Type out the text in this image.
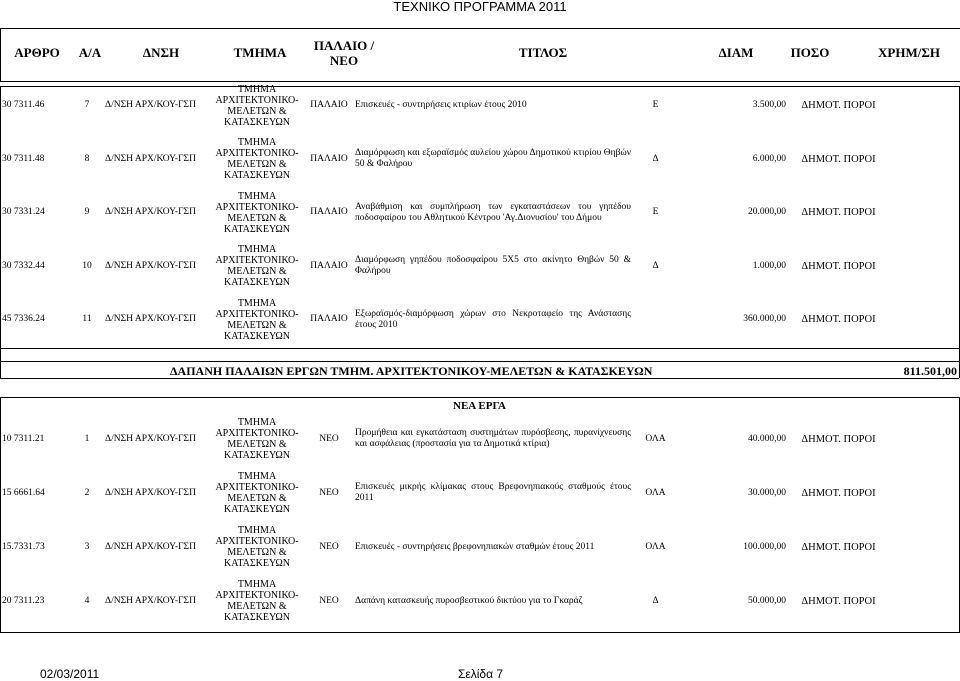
ΤΕΧΝΙΚΟ ΠΡΟΓΡΑΜΜΑ 2011
ΑΡΘΡΟ	Α/Α	ΔΝΣΗ	ΤΜΗΜΑ	ΠΑΛΑΙΟ /
ΝΕΟ
ΤΙΤΛΟΣ	ΔΙΑΜ	ΠΟΣΟ	ΧΡΗΜ/ΣΗ
30 7311.46	7	Δ/ΝΣΗ ΑΡΧ/ΚΟΥ-ΓΣΠ	ΤΜΗΜΑ
ΑΡΧΙΤΕΚΤΟΝΙΚΟ-
ΜΕΛΕΤΩΝ &
ΚΑΤΑΣΚΕΥΩΝ	ΠΑΛΑΙΟ	Επισκευές - συντηρήσεις κτιρίων έτους 2010	Ε	3.500,00	ΔΗΜΟΤ. ΠΟΡΟΙ
30 7311.48	8	Δ/ΝΣΗ ΑΡΧ/ΚΟΥ-ΓΣΠ	ΤΜΗΜΑ
ΑΡΧΙΤΕΚΤΟΝΙΚΟ-
ΜΕΛΕΤΩΝ &
ΚΑΤΑΣΚΕΥΩΝ	ΠΑΛΑΙΟ	Διαμόρφωση και εξωραϊσμός αυλείου χώρου Δημοτικού κτιρίου Θηβών 50 & Φαλήρου	Δ	6.000,00	ΔΗΜΟΤ. ΠΟΡΟΙ
30 7331.24	9	Δ/ΝΣΗ ΑΡΧ/ΚΟΥ-ΓΣΠ	ΤΜΗΜΑ
ΑΡΧΙΤΕΚΤΟΝΙΚΟ-
ΜΕΛΕΤΩΝ &
ΚΑΤΑΣΚΕΥΩΝ	ΠΑΛΑΙΟ	Αναβάθμιση και συμπλήρωση των εγκαταστάσεων του γηπέδου ποδοσφαίρου του Αθλητικού Κέντρου 'Αγ.Διονυσίου' του Δήμου	Ε	20.000,00	ΔΗΜΟΤ. ΠΟΡΟΙ
30 7332.44	10	Δ/ΝΣΗ ΑΡΧ/ΚΟΥ-ΓΣΠ	ΤΜΗΜΑ
ΑΡΧΙΤΕΚΤΟΝΙΚΟ-
ΜΕΛΕΤΩΝ &
ΚΑΤΑΣΚΕΥΩΝ	ΠΑΛΑΙΟ	Διαμόρφωση γηπέδου ποδοσφαίρου 5Χ5 στο ακίνητο Θηβών 50 & Φαλήρου	Δ	1.000,00	ΔΗΜΟΤ. ΠΟΡΟΙ
45 7336.24	11	Δ/ΝΣΗ ΑΡΧ/ΚΟΥ-ΓΣΠ	ΤΜΗΜΑ
ΑΡΧΙΤΕΚΤΟΝΙΚΟ-
ΜΕΛΕΤΩΝ &
ΚΑΤΑΣΚΕΥΩΝ	ΠΑΛΑΙΟ	Εξωραϊσμός-διαμόρφωση χώρων στο Νεκροταφείο της Ανάστασης έτους 2010		360.000,00	ΔΗΜΟΤ. ΠΟΡΟΙ
ΔΑΠΑΝΗ ΠΑΛΑΙΩΝ ΕΡΓΩΝ ΤΜΗΜ. ΑΡΧΙΤΕΚΤΟΝΙΚΟΥ-ΜΕΛΕΤΩΝ & ΚΑΤΑΣΚΕΥΩΝ	811.501,00
ΝΕΑ ΕΡΓΑ
10 7311.21	1	Δ/ΝΣΗ ΑΡΧ/ΚΟΥ-ΓΣΠ	ΤΜΗΜΑ
ΑΡΧΙΤΕΚΤΟΝΙΚΟ-
ΜΕΛΕΤΩΝ &
ΚΑΤΑΣΚΕΥΩΝ	ΝΕΟ	Προμήθεια και εγκατάσταση συστημάτων πυρόσβεσης, πυρανίχνευσης και ασφάλειας (προστασία για τα Δημοτικά κτίρια)	ΟΛΑ	40.000,00	ΔΗΜΟΤ. ΠΟΡΟΙ
15 6661.64	2	Δ/ΝΣΗ ΑΡΧ/ΚΟΥ-ΓΣΠ	ΤΜΗΜΑ
ΑΡΧΙΤΕΚΤΟΝΙΚΟ-
ΜΕΛΕΤΩΝ &
ΚΑΤΑΣΚΕΥΩΝ	ΝΕΟ	Επισκευές μικρής κλίμακας στους Βρεφονηπιακούς σταθμούς έτους 2011	ΟΛΑ	30.000,00	ΔΗΜΟΤ. ΠΟΡΟΙ
15.7331.73	3	Δ/ΝΣΗ ΑΡΧ/ΚΟΥ-ΓΣΠ	ΤΜΗΜΑ
ΑΡΧΙΤΕΚΤΟΝΙΚΟ-
ΜΕΛΕΤΩΝ &
ΚΑΤΑΣΚΕΥΩΝ	ΝΕΟ	Επισκευές - συντηρήσεις βρεφονηπιακών σταθμών έτους 2011	ΟΛΑ	100.000,00	ΔΗΜΟΤ. ΠΟΡΟΙ
20 7311.23	4	Δ/ΝΣΗ ΑΡΧ/ΚΟΥ-ΓΣΠ	ΤΜΗΜΑ
ΑΡΧΙΤΕΚΤΟΝΙΚΟ-
ΜΕΛΕΤΩΝ &
ΚΑΤΑΣΚΕΥΩΝ	ΝΕΟ	Δαπάνη κατασκευής πυροσβεστικού δικτύου για το Γκαράζ	Δ	50.000,00	ΔΗΜΟΤ. ΠΟΡΟΙ
02/03/2011	Σελίδα 7
